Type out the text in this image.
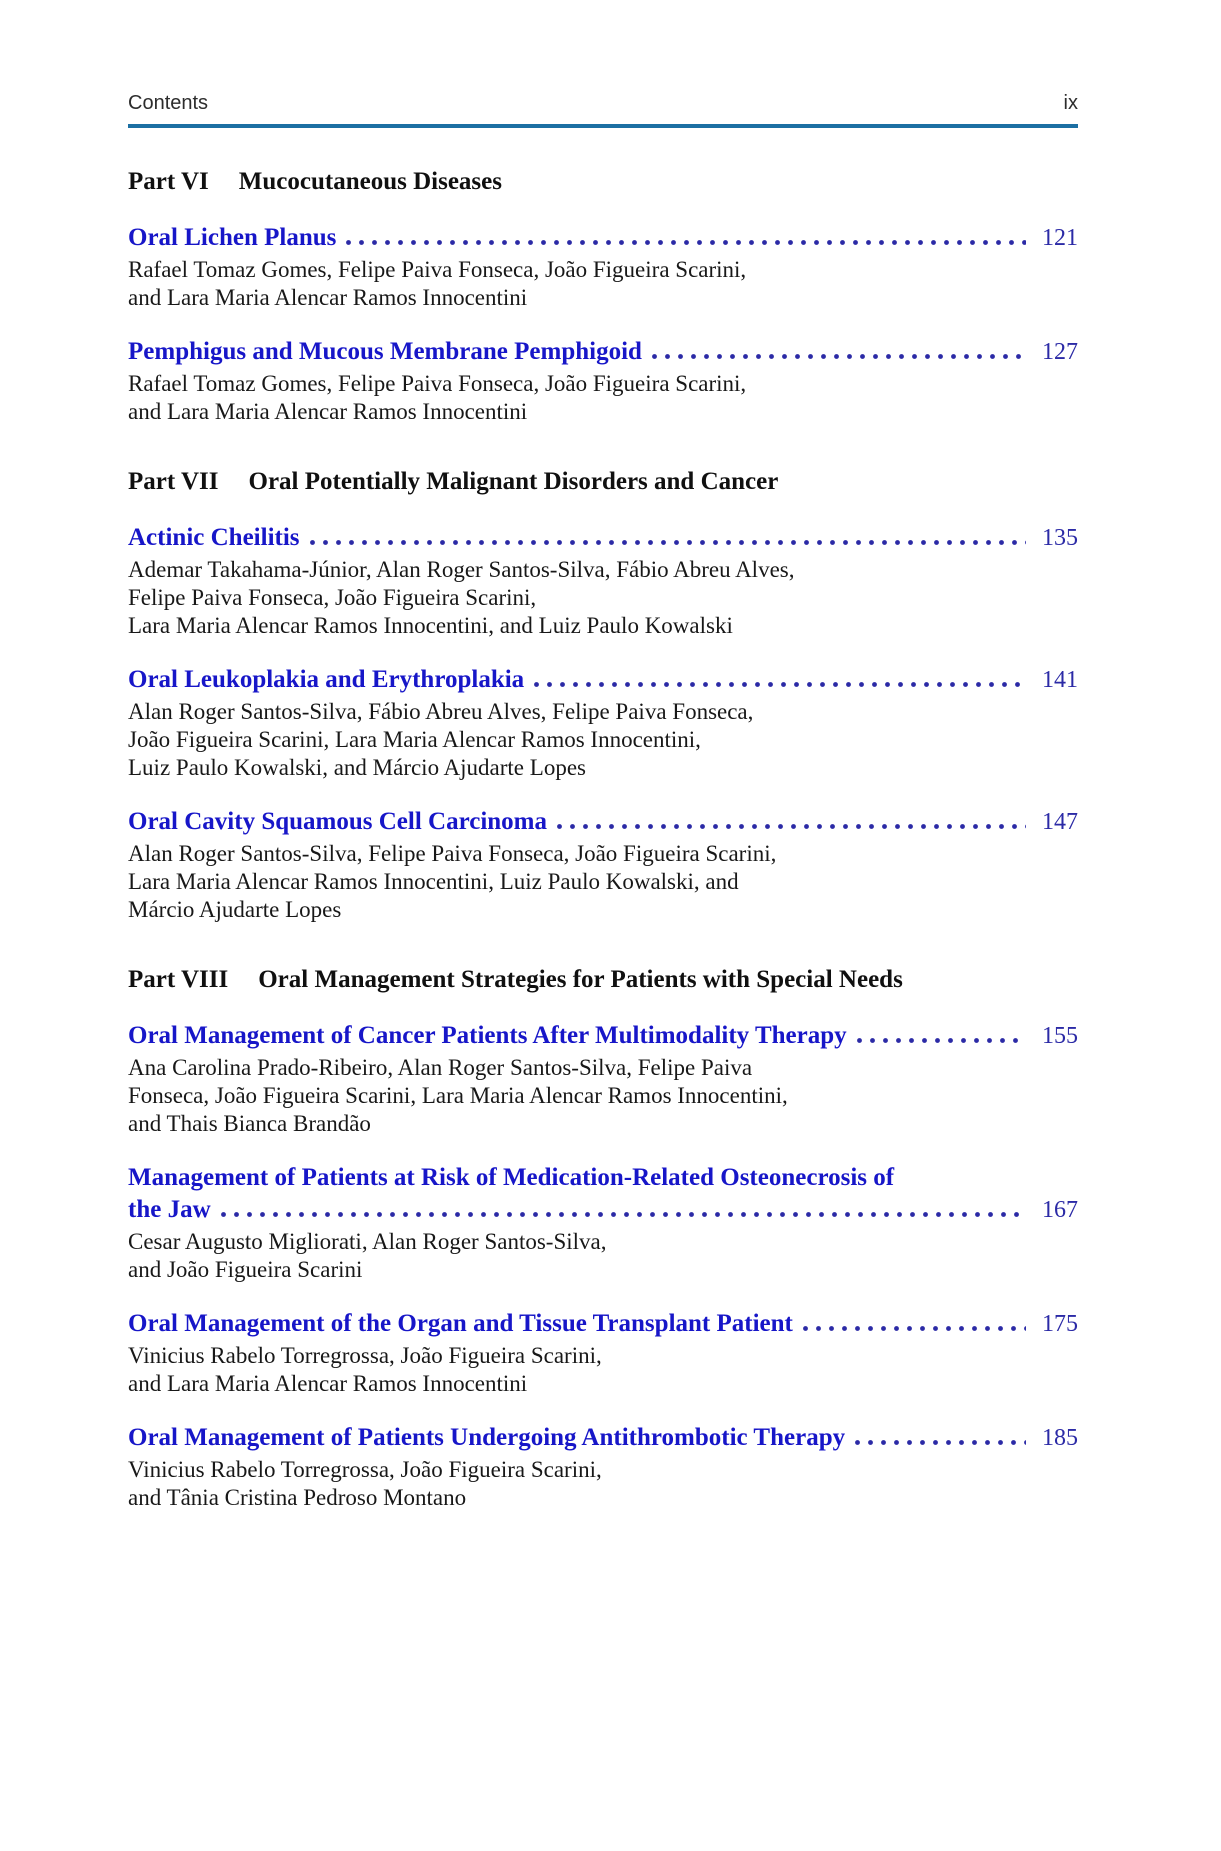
Contents	ix
Part VI Mucocutaneous Diseases
Oral Lichen Planus	121
Rafael Tomaz Gomes, Felipe Paiva Fonseca, João Figueira Scarini,
and Lara Maria Alencar Ramos Innocentini
Pemphigus and Mucous Membrane Pemphigoid	127
Rafael Tomaz Gomes, Felipe Paiva Fonseca, João Figueira Scarini,
and Lara Maria Alencar Ramos Innocentini
Part VII Oral Potentially Malignant Disorders and Cancer
Actinic Cheilitis	135
Ademar Takahama-Júnior, Alan Roger Santos-Silva, Fábio Abreu Alves,
Felipe Paiva Fonseca, João Figueira Scarini,
Lara Maria Alencar Ramos Innocentini, and Luiz Paulo Kowalski
Oral Leukoplakia and Erythroplakia	141
Alan Roger Santos-Silva, Fábio Abreu Alves, Felipe Paiva Fonseca,
João Figueira Scarini, Lara Maria Alencar Ramos Innocentini,
Luiz Paulo Kowalski, and Márcio Ajudarte Lopes
Oral Cavity Squamous Cell Carcinoma	147
Alan Roger Santos-Silva, Felipe Paiva Fonseca, João Figueira Scarini,
Lara Maria Alencar Ramos Innocentini, Luiz Paulo Kowalski, and
Márcio Ajudarte Lopes
Part VIII Oral Management Strategies for Patients with Special Needs
Oral Management of Cancer Patients After Multimodality Therapy	155
Ana Carolina Prado-Ribeiro, Alan Roger Santos-Silva, Felipe Paiva
Fonseca, João Figueira Scarini, Lara Maria Alencar Ramos Innocentini,
and Thais Bianca Brandão
Management of Patients at Risk of Medication-Related Osteonecrosis of
the Jaw	167
Cesar Augusto Migliorati, Alan Roger Santos-Silva,
and João Figueira Scarini
Oral Management of the Organ and Tissue Transplant Patient	175
Vinicius Rabelo Torregrossa, João Figueira Scarini,
and Lara Maria Alencar Ramos Innocentini
Oral Management of Patients Undergoing Antithrombotic Therapy	185
Vinicius Rabelo Torregrossa, João Figueira Scarini,
and Tânia Cristina Pedroso Montano
